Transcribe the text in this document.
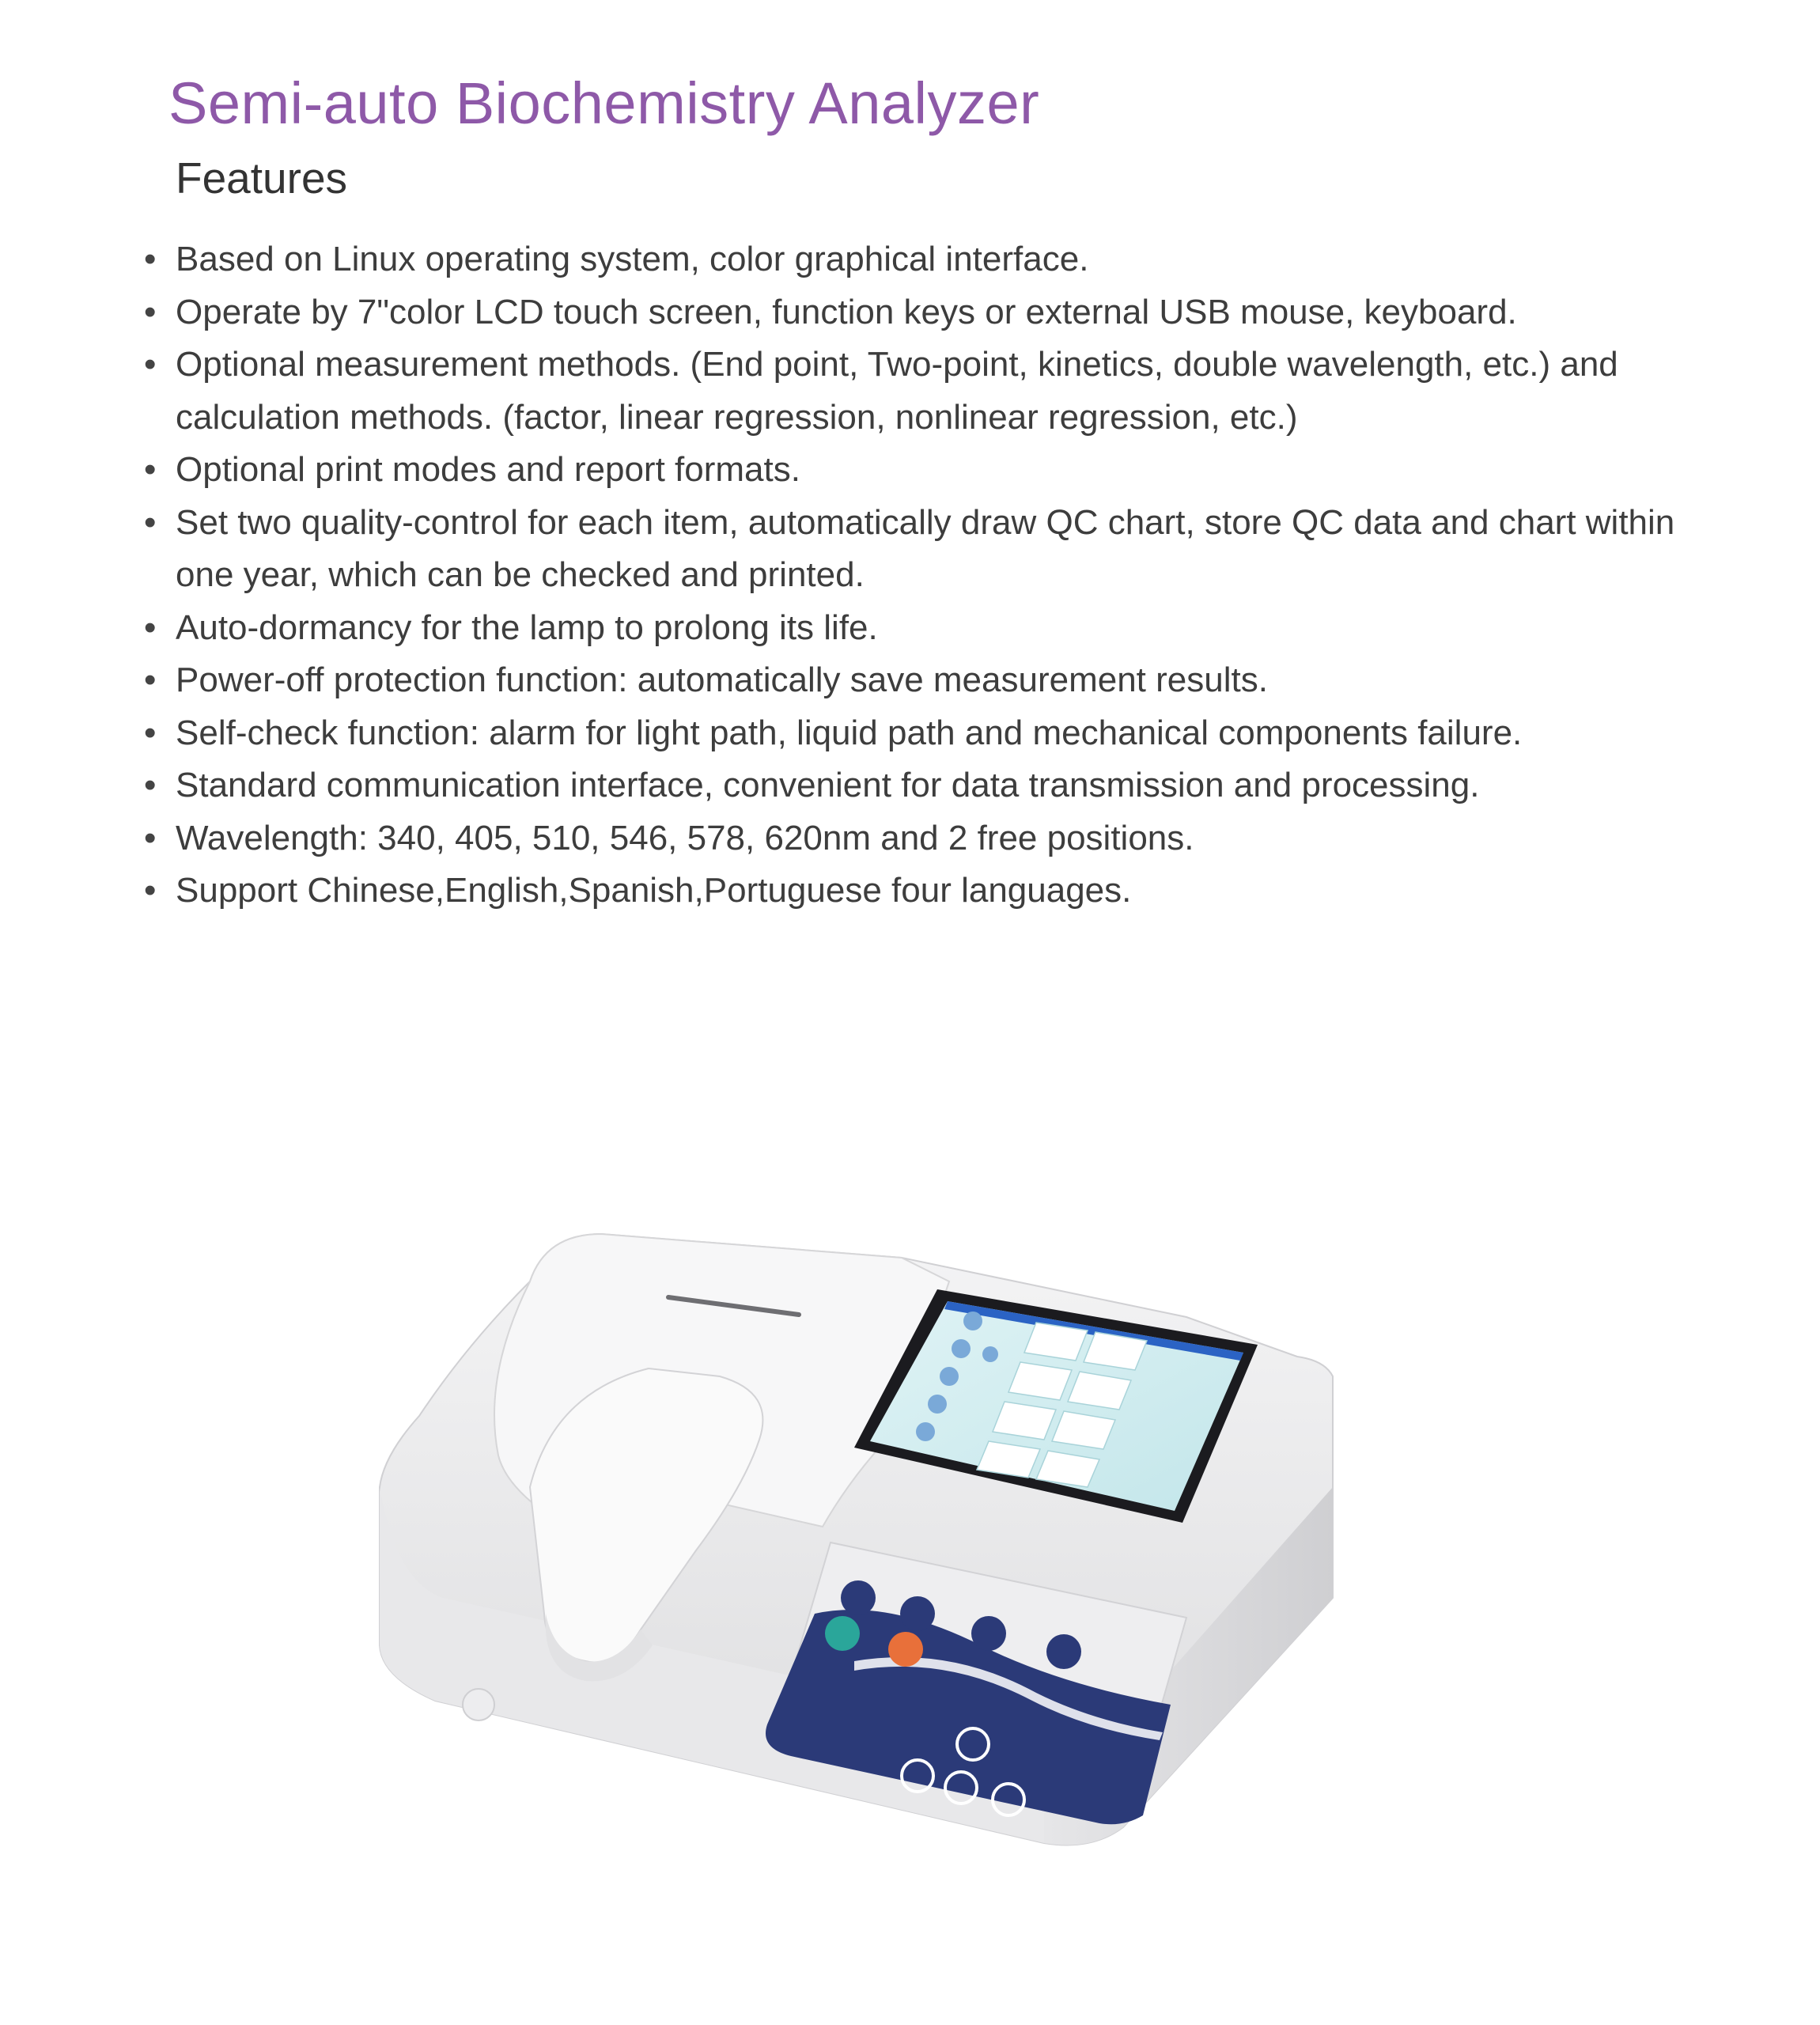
Semi-auto Biochemistry Analyzer
Features
• Based on Linux operating system, color graphical interface.
• Operate by 7"color LCD touch screen, function keys or external USB mouse, keyboard.
• Optional measurement methods. (End point, Two-point, kinetics, double wavelength, etc.) and calculation methods. (factor, linear regression, nonlinear regression, etc.)
• Optional print modes and report formats.
• Set two quality-control for each item, automatically draw QC chart, store QC data and chart within one year, which can be checked and printed.
• Auto-dormancy for the lamp to prolong its life.
• Power-off protection function: automatically save measurement results.
• Self-check function: alarm for light path, liquid path and mechanical components failure.
• Standard communication interface, convenient for data transmission and processing.
• Wavelength: 340, 405, 510, 546, 578, 620nm and 2 free positions.
• Support Chinese,English,Spanish,Portuguese four languages.
